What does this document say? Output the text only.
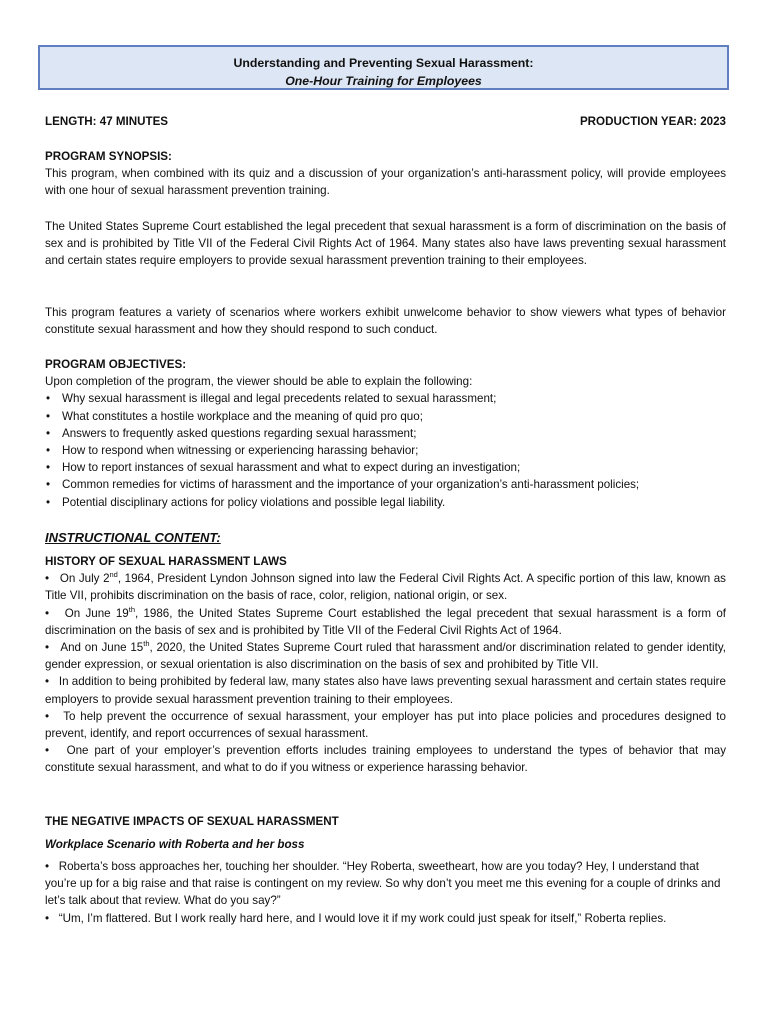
Understanding and Preventing Sexual Harassment:
One-Hour Training for Employees
LENGTH: 47 MINUTES	PRODUCTION YEAR: 2023
PROGRAM SYNOPSIS:

This program, when combined with its quiz and a discussion of your organization’s anti-harassment policy, will provide employees with one hour of sexual harassment prevention training.

The United States Supreme Court established the legal precedent that sexual harassment is a form of discrimination on the basis of sex and is prohibited by Title VII of the Federal Civil Rights Act of 1964. Many states also have laws preventing sexual harassment and certain states require employers to provide sexual harassment prevention training to their employees.

This program features a variety of scenarios where workers exhibit unwelcome behavior to show viewers what types of behavior constitute sexual harassment and how they should respond to such conduct.

PROGRAM OBJECTIVES:

Upon completion of the program, the viewer should be able to explain the following:

• Why sexual harassment is illegal and legal precedents related to sexual harassment;
• What constitutes a hostile workplace and the meaning of quid pro quo;
• Answers to frequently asked questions regarding sexual harassment;
• How to respond when witnessing or experiencing harassing behavior;
• How to report instances of sexual harassment and what to expect during an investigation;
• Common remedies for victims of harassment and the importance of your organization’s anti-harassment policies;
• Potential disciplinary actions for policy violations and possible legal liability.
INSTRUCTIONAL CONTENT:
HISTORY OF SEXUAL HARASSMENT LAWS

•   On July 2nd, 1964, President Lyndon Johnson signed into law the Federal Civil Rights Act. A specific portion of this law, known as Title VII, prohibits discrimination on the basis of race, color, religion, national origin, or sex.

•   On June 19th, 1986, the United States Supreme Court established the legal precedent that sexual harassment is a form of discrimination on the basis of sex and is prohibited by Title VII of the Federal Civil Rights Act of 1964.

•   And on June 15th, 2020, the United States Supreme Court ruled that harassment and/or discrimination related to gender identity, gender expression, or sexual orientation is also discrimination on the basis of sex and prohibited by Title VII.

•   In addition to being prohibited by federal law, many states also have laws preventing sexual harassment and certain states require employers to provide sexual harassment prevention training to their employees.

•   To help prevent the occurrence of sexual harassment, your employer has put into place policies and procedures designed to prevent, identify, and report occurrences of sexual harassment.

•   One part of your employer’s prevention efforts includes training employees to understand the types of behavior that may constitute sexual harassment, and what to do if you witness or experience harassing behavior.

THE NEGATIVE IMPACTS OF SEXUAL HARASSMENT
Workplace Scenario with Roberta and her boss

•   Roberta’s boss approaches her, touching her shoulder. “Hey Roberta, sweetheart, how are you today? Hey, I understand that you’re up for a big raise and that raise is contingent on my review. So why don’t you meet me this evening for a couple of drinks and let’s talk about that review. What do you say?”

•   “Um, I’m flattered. But I work really hard here, and I would love it if my work could just speak for itself,” Roberta replies.
